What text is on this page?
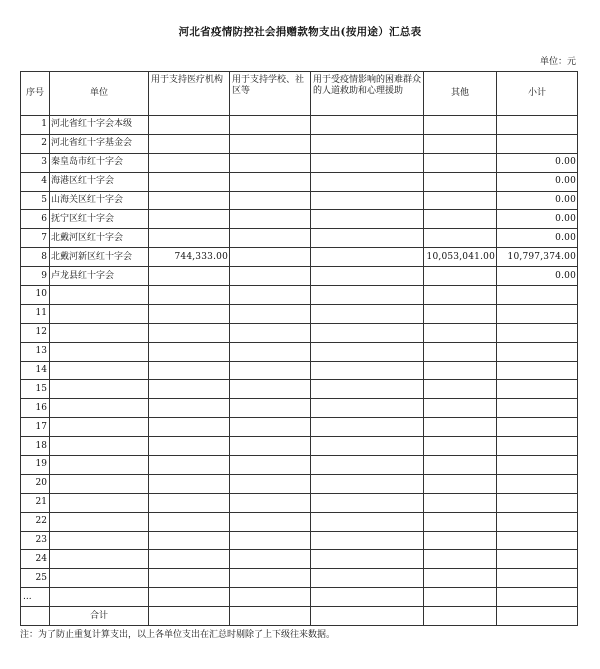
河北省疫情防控社会捐赠款物支出(按用途）汇总表
单位：元
序号	单位	用于支持医疗机构	用于支持学校、社区等	用于受疫情影响的困难群众的人道救助和心理援助	其他	小计
1	河北省红十字会本级					
2	河北省红十字基金会					
3	秦皇岛市红十字会					0.00
4	海港区红十字会					0.00
5	山海关区红十字会					0.00
6	抚宁区红十字会					0.00
7	北戴河区红十字会					0.00
8	北戴河新区红十字会	744,333.00			10,053,041.00	10,797,374.00
9	卢龙县红十字会					0.00
10						
11						
12						
13						
14						
15						
16						
17						
18						
19						
20						
21						
22						
23						
24						
25						
...						
	合计					
注：为了防止重复计算支出，以上各单位支出在汇总时剔除了上下级往来数据。
